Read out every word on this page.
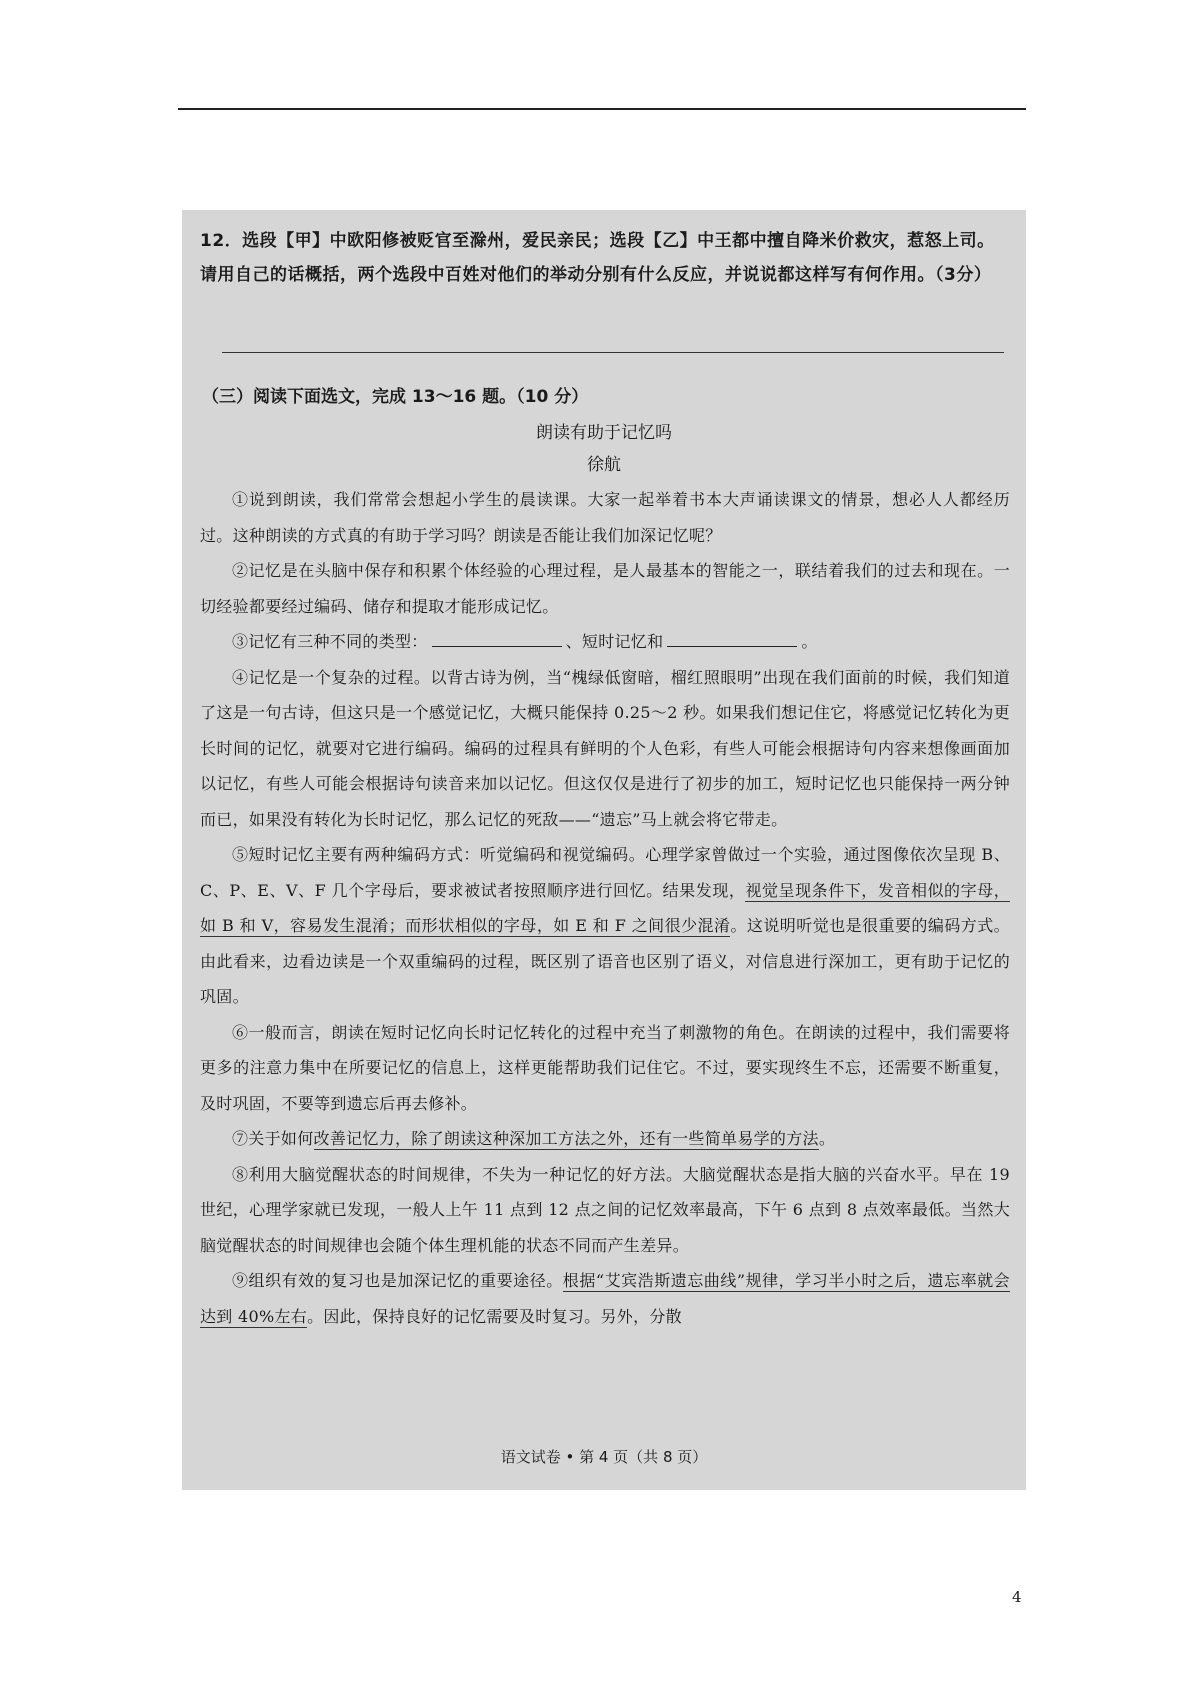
12．选段【甲】中欧阳修被贬官至滁州，爱民亲民；选段【乙】中王都中擅自降米价救灾，惹怒上司。请用自己的话概括，两个选段中百姓对他们的举动分别有什么反应，并说说都这样写有何作用。（3分）
（三）阅读下面选文，完成 13～16 题。（10 分）
朗读有助于记忆吗
徐航

①说到朗读，我们常常会想起小学生的晨读课。大家一起举着书本大声诵读课文的情景，想必人人都经历过。这种朗读的方式真的有助于学习吗？朗读是否能让我们加深记忆呢？

②记忆是在头脑中保存和积累个体经验的心理过程，是人最基本的智能之一，联结着我们的过去和现在。一切经验都要经过编码、储存和提取才能形成记忆。

③记忆有三种不同的类型：	、短时记忆和	。

④记忆是一个复杂的过程。以背古诗为例，当“槐绿低窗暗，榴红照眼明”出现在我们面前的时候，我们知道了这是一句古诗，但这只是一个感觉记忆，大概只能保持 0.25～2 秒。如果我们想记住它，将感觉记忆转化为更长时间的记忆，就要对它进行编码。编码的过程具有鲜明的个人色彩，有些人可能会根据诗句内容来想像画面加以记忆，有些人可能会根据诗句读音来加以记忆。但这仅仅是进行了初步的加工，短时记忆也只能保持一两分钟而已，如果没有转化为长时记忆，那么记忆的死敌——“遗忘”马上就会将它带走。

⑤短时记忆主要有两种编码方式：听觉编码和视觉编码。心理学家曾做过一个实验，通过图像依次呈现 B、C、P、E、V、F 几个字母后，要求被试者按照顺序进行回忆。结果发现，视觉呈现条件下，发音相似的字母，如 B 和 V，容易发生混淆；而形状相似的字母，如 E 和 F 之间很少混淆。这说明听觉也是很重要的编码方式。由此看来，边看边读是一个双重编码的过程，既区别了语音也区别了语义，对信息进行深加工，更有助于记忆的巩固。

⑥一般而言，朗读在短时记忆向长时记忆转化的过程中充当了刺激物的角色。在朗读的过程中，我们需要将更多的注意力集中在所要记忆的信息上，这样更能帮助我们记住它。不过，要实现终生不忘，还需要不断重复，及时巩固，不要等到遗忘后再去修补。

⑦关于如何改善记忆力，除了朗读这种深加工方法之外，还有一些简单易学的方法。

⑧利用大脑觉醒状态的时间规律，不失为一种记忆的好方法。大脑觉醒状态是指大脑的兴奋水平。早在 19 世纪，心理学家就已发现，一般人上午 11 点到 12 点之间的记忆效率最高，下午 6 点到 8 点效率最低。当然大脑觉醒状态的时间规律也会随个体生理机能的状态不同而产生差异。

⑨组织有效的复习也是加深记忆的重要途径。根据“艾宾浩斯遗忘曲线”规律，学习半小时之后，遗忘率就会达到 40%左右。因此，保持良好的记忆需要及时复习。另外，分散

语文试卷 • 第 4 页（共 8 页）
4
